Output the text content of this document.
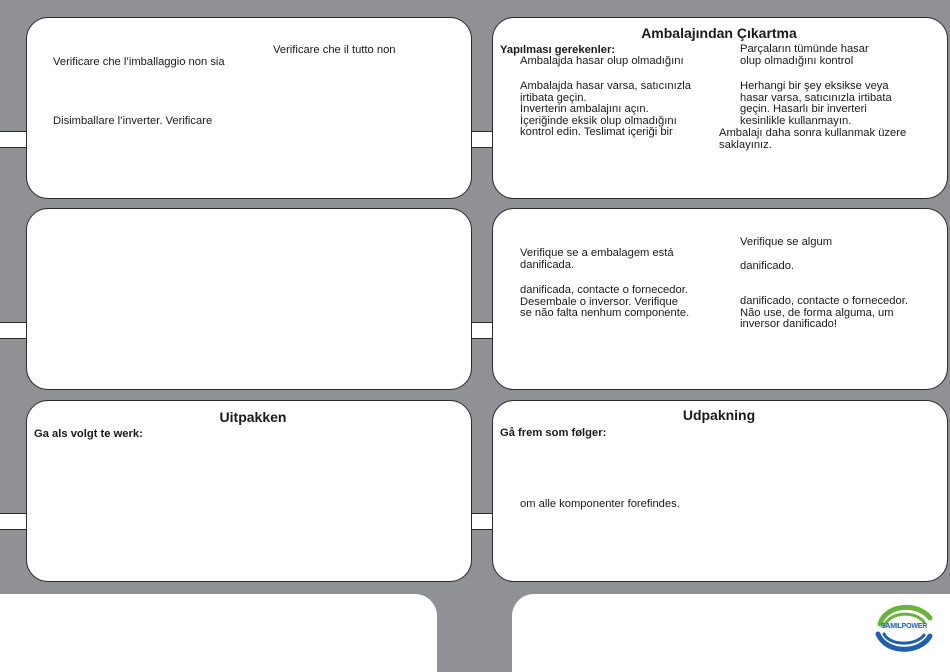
Verificare che il tutto non
Verificare che l’imballaggio non sia
Disimballare l’inverter. Verificare
Ambalajından Çıkartma
Yapılması gerekenler:
Ambalajda hasar olup olmadığını
Ambalajda hasar varsa, satıcınızla
irtibata geçin.
İnverterin ambalajını açın.
İçeriğinde eksik olup olmadığını
kontrol edin. Teslimat içeriği bir
Parçaların tümünde hasar
olup olmadığını kontrol
Herhangi bir şey eksikse veya
hasar varsa, satıcınızla irtibata
geçin. Hasarlı bir inverteri
kesinlikle kullanmayın.
Ambalajı daha sonra kullanmak üzere
saklayınız.
Verifique se a embalagem está
danificada.
danificada, contacte o fornecedor.
Desembale o inversor. Verifique
se não falta nenhum componente.
Verifique se algum
danificado.
danificado, contacte o fornecedor.
Não use, de forma alguma, um
inversor danificado!
Uitpakken
Ga als volgt te werk:
Udpakning
Gå frem som følger:
om alle komponenter forefindes.
SAMILPOWER
